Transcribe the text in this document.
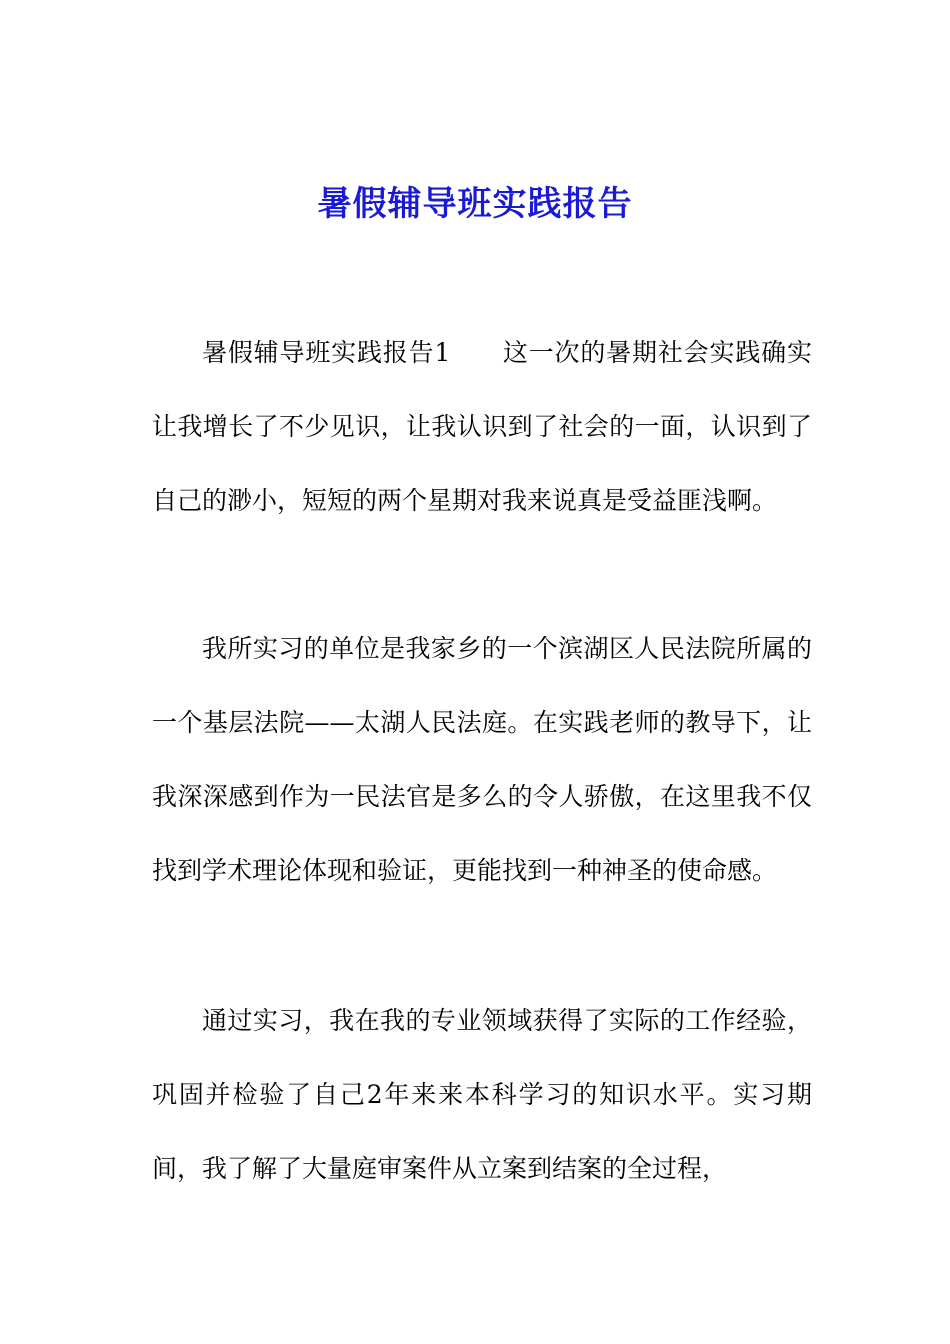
暑假辅导班实践报告

暑假辅导班实践报告1　　这一次的暑期社会实践确实让我增长了不少见识，让我认识到了社会的一面，认识到了自己的渺小，短短的两个星期对我来说真是受益匪浅啊。

我所实习的单位是我家乡的一个滨湖区人民法院所属的一个基层法院——太湖人民法庭。在实践老师的教导下，让我深深感到作为一民法官是多么的令人骄傲，在这里我不仅找到学术理论体现和验证，更能找到一种神圣的使命感。

通过实习，我在我的专业领域获得了实际的工作经验，巩固并检验了自己2年来来本科学习的知识水平。实习期间，我了解了大量庭审案件从立案到结案的全过程，
